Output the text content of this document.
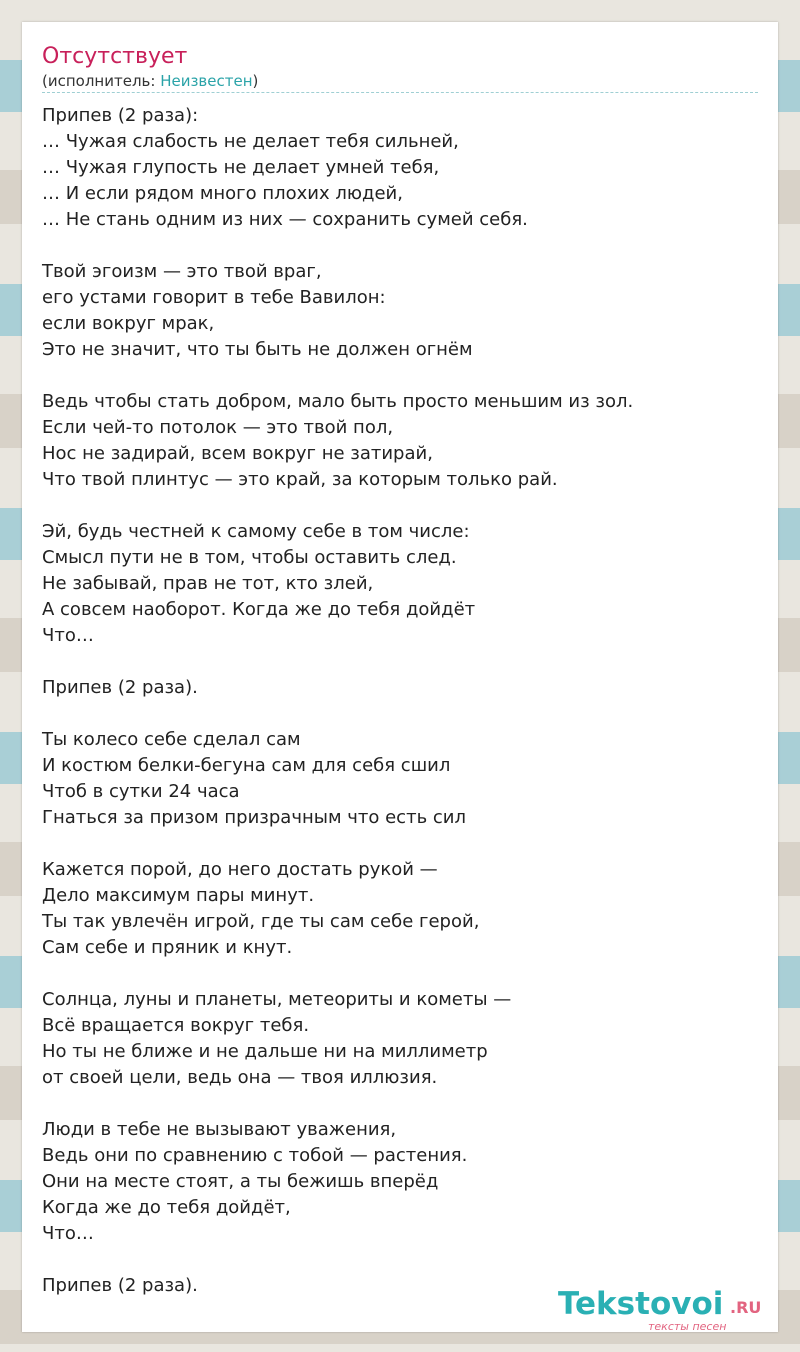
Отсутствует
(исполнитель: Неизвестен)
Припев (2 раза):
… Чужая слабость не делает тебя сильней,
… Чужая глупость не делает умней тебя,
… И если рядом много плохих людей,
… Не стань одним из них — сохранить сумей себя.
Твой эгоизм — это твой враг,
его устами говорит в тебе Вавилон:
если вокруг мрак,
Это не значит, что ты быть не должен огнём
Ведь чтобы стать добром, мало быть просто меньшим из зол.
Если чей-то потолок — это твой пол,
Нос не задирай, всем вокруг не затирай,
Что твой плинтус — это край, за которым только рай.
Эй, будь честней к самому себе в том числе:
Смысл пути не в том, чтобы оставить след.
Не забывай, прав не тот, кто злей,
А совсем наоборот. Когда же до тебя дойдёт
Что…
Припев (2 раза).
Ты колесо себе сделал сам
И костюм белки-бегуна сам для себя сшил
Чтоб в сутки 24 часа
Гнаться за призом призрачным что есть сил
Кажется порой, до него достать рукой —
Дело максимум пары минут.
Ты так увлечён игрой, где ты сам себе герой,
Сам себе и пряник и кнут.
Солнца, луны и планеты, метеориты и кометы —
Всё вращается вокруг тебя.
Но ты не ближе и не дальше ни на миллиметр
от своей цели, ведь она — твоя иллюзия.
Люди в тебе не вызывают уважения,
Ведь они по сравнению с тобой — растения.
Они на месте стоят, а ты бежишь вперёд
Когда же до тебя дойдёт,
Что…
Припев (2 раза).
Tekstovoi .RU
тексты песен
